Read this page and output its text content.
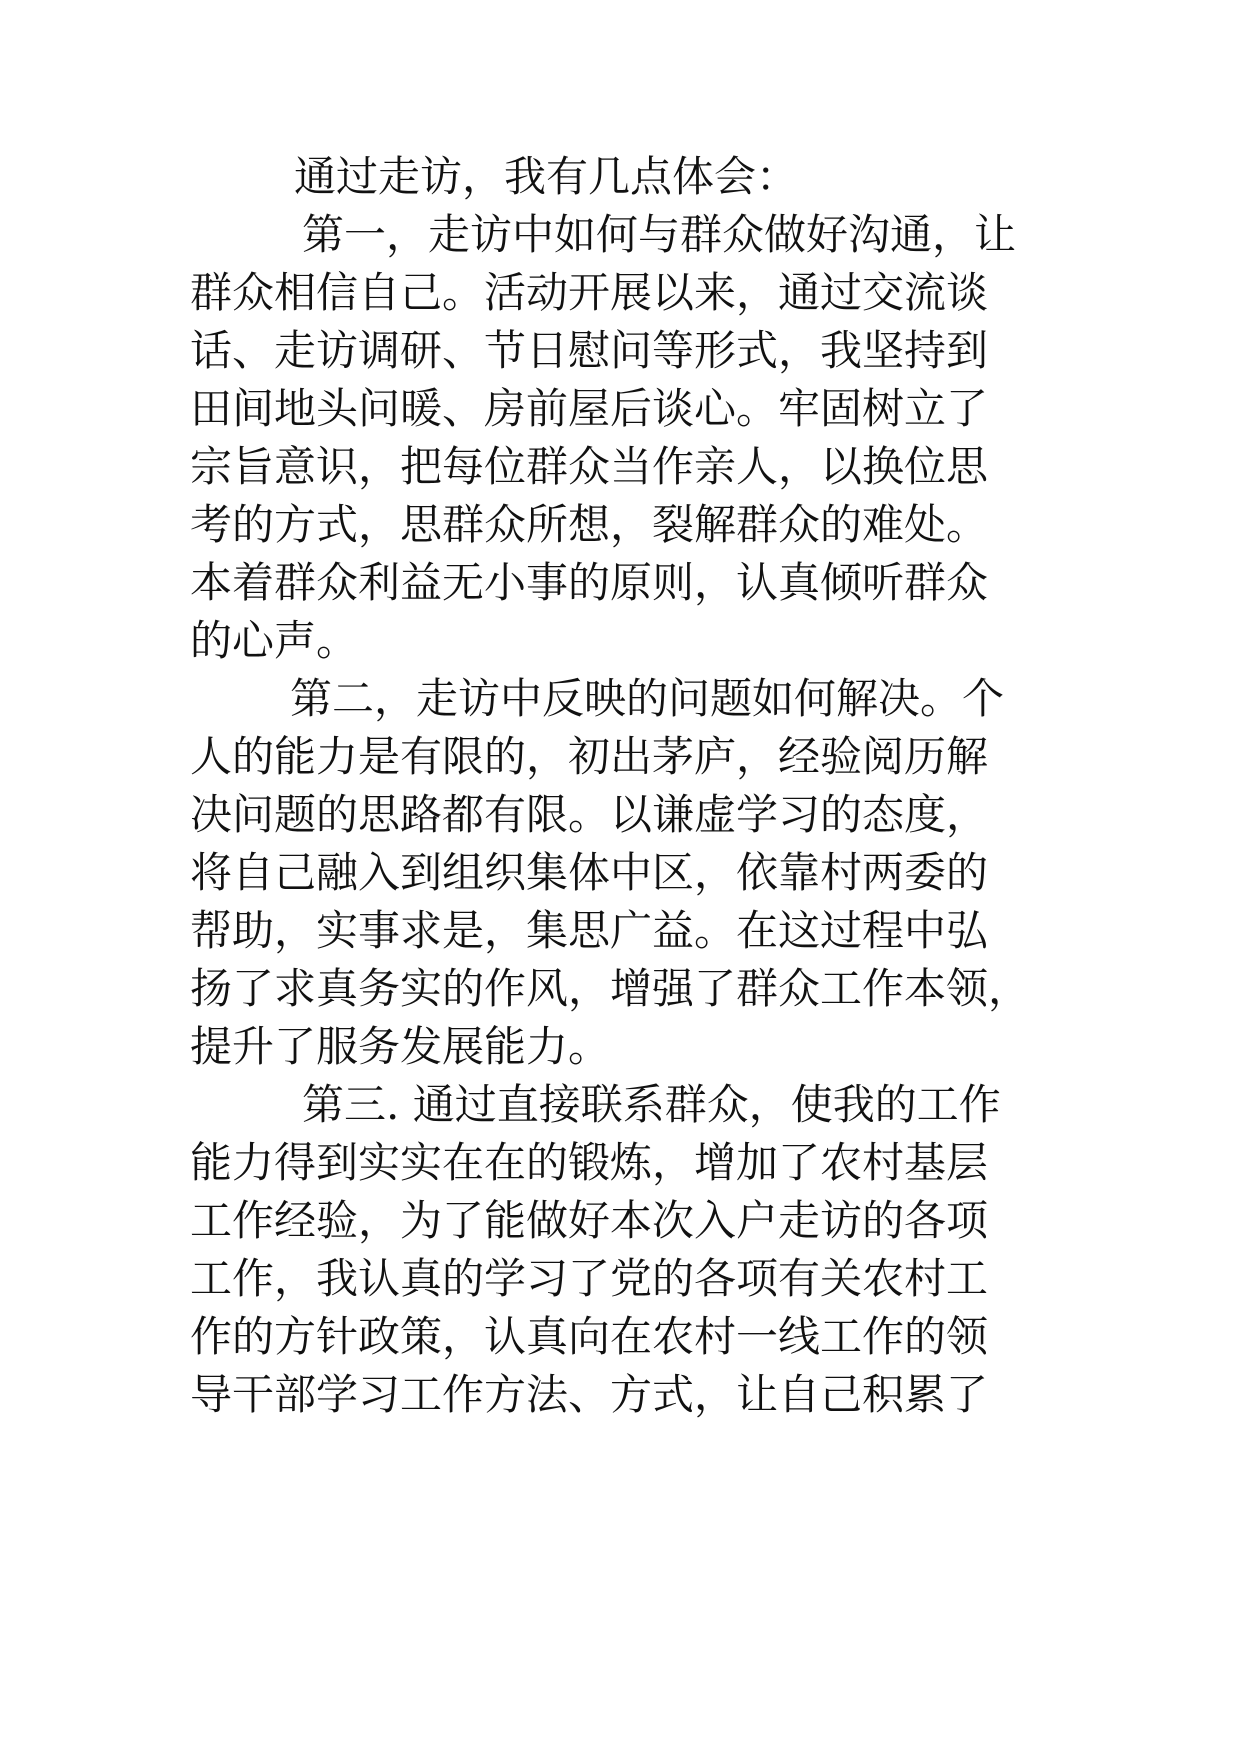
通过走访，我有几点体会：
第一，走访中如何与群众做好沟通，让
群众相信自己。活动开展以来，通过交流谈
话、走访调研、节日慰问等形式，我坚持到
田间地头问暖、房前屋后谈心。牢固树立了
宗旨意识，把每位群众当作亲人，以换位思
考的方式，思群众所想，裂解群众的难处。
本着群众利益无小事的原则，认真倾听群众
的心声。
第二，走访中反映的问题如何解决。个
人的能力是有限的，初出茅庐，经验阅历解
决问题的思路都有限。以谦虚学习的态度，
将自己融入到组织集体中区，依靠村两委的
帮助，实事求是，集思广益。在这过程中弘
扬了求真务实的作风，增强了群众工作本领，
提升了服务发展能力。
第三. 通过直接联系群众，使我的工作
能力得到实实在在的锻炼，增加了农村基层
工作经验，为了能做好本次入户走访的各项
工作，我认真的学习了党的各项有关农村工
作的方针政策，认真向在农村一线工作的领
导干部学习工作方法、方式，让自己积累了
